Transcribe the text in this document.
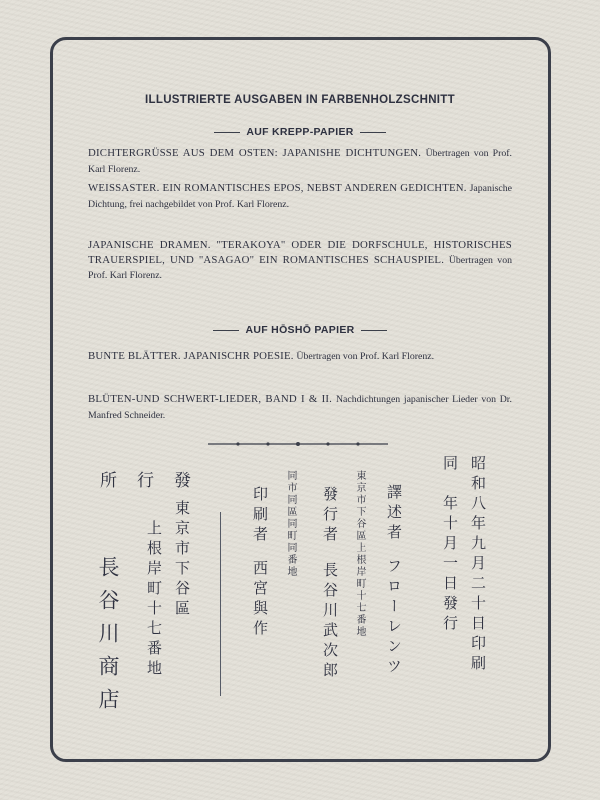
ILLUSTRIERTE AUSGABEN IN FARBENHOLZSCHNITT
AUF KREPP-PAPIER
DICHTERGRÜSSE AUS DEM OSTEN: JAPANISHE DICHTUNGEN. Übertragen von Prof. Karl Florenz.
WEISSASTER. EIN ROMANTISCHES EPOS, NEBST ANDEREN GEDICHTEN. Japanische Dichtung, frei nachgebildet von Prof. Karl Florenz.
JAPANISCHE DRAMEN. "TERAKOYA" ODER DIE DORFSCHULE, HISTORISCHES TRAUERSPIEL, UND "ASAGAO" EIN ROMANTISCHES SCHAUSPIEL. Übertragen von Prof. Karl Florenz.
AUF HŌSHŌ PAPIER
BUNTE BLÄTTER. JAPANISCHR POESIE. Übertragen von Prof. Karl Florenz.
BLÜTEN-UND SCHWERT-LIEDER, BAND I & II. Nachdichtungen japanischer Lieder von Dr. Manfred Schneider.
昭和八年九月二十日印刷
同　年十月一日發行
譯述者
フローレンツ
東京市下谷區上根岸町十七番地
發行者
長谷川武次郎
同市同區同町同番地
印刷者
西宮與作
東京市下谷區
上根岸町十七番地
長谷川商店
發行所
